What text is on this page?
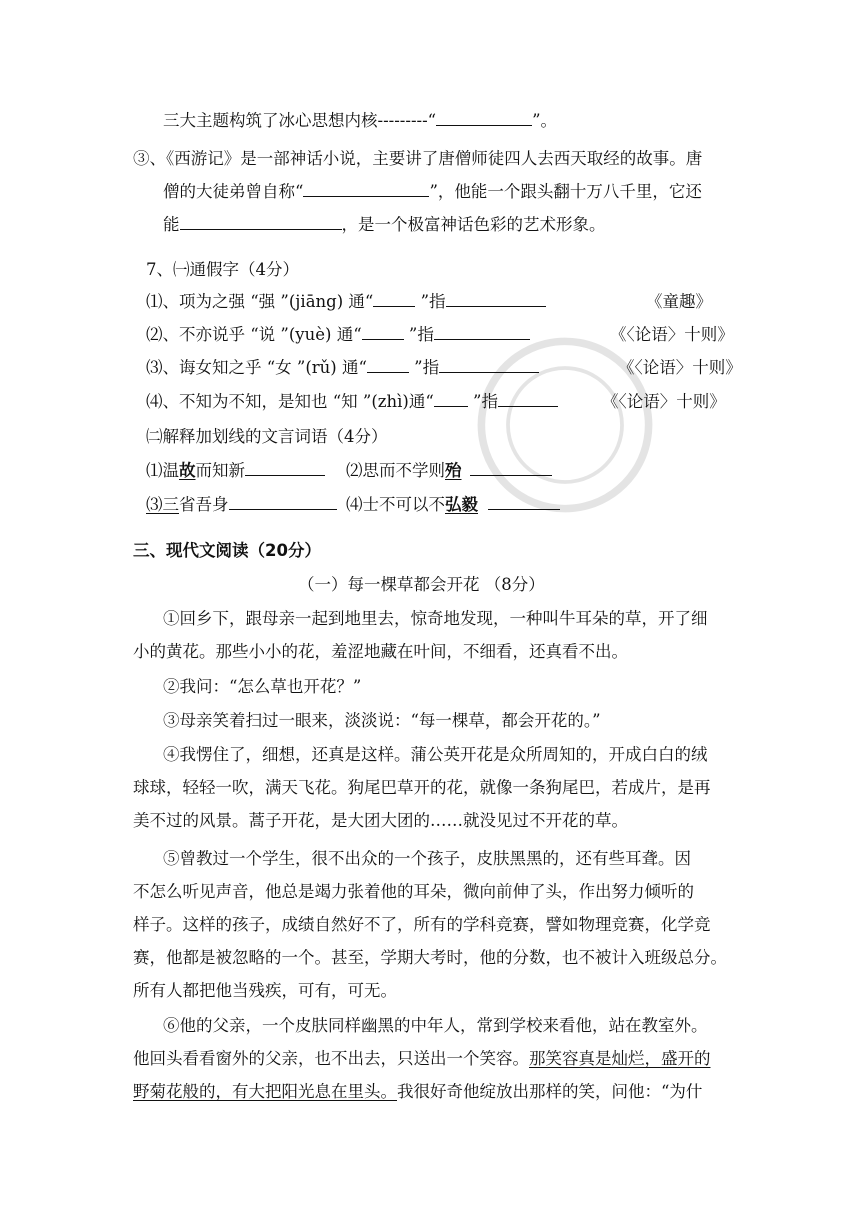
三大主题构筑了冰心思想内核---------“	”。
③、《西游记》是一部神话小说，主要讲了唐僧师徒四人去西天取经的故事。唐
僧的大徒弟曾自称“	”，他能一个跟头翻十万八千里，它还
能	，是一个极富神话色彩的艺术形象。
7、㈠通假字（4分）
⑴、项为之强 “强 ”(jiāng) 通“	”指	《童趣》
⑵、不亦说乎 “说 ”(yuè) 通“	”指	《〈论语〉十则》
⑶、诲女知之乎 “女 ”(rǔ) 通“	”指	《〈论语〉十则》
⑷、不知为不知，是知也 “知 ”(zhì)通“ ”指	《〈论语〉十则》
㈡解释加划线的文言词语（4分）
⑴温故而知新	⑵思而不学则殆
⑶三省吾身	⑷士不可以不弘毅
三、现代文阅读（20分）
（一）每一棵草都会开花 （8分）
①回乡下，跟母亲一起到地里去，惊奇地发现，一种叫牛耳朵的草，开了细
小的黄花。那些小小的花，羞涩地藏在叶间，不细看，还真看不出。
②我问：“怎么草也开花？”
③母亲笑着扫过一眼来，淡淡说：“每一棵草，都会开花的。”
④我愣住了，细想，还真是这样。蒲公英开花是众所周知的，开成白白的绒
球球，轻轻一吹，满天飞花。狗尾巴草开的花，就像一条狗尾巴，若成片，是再
美不过的风景。蒿子开花，是大团大团的……就没见过不开花的草。
⑤曾教过一个学生，很不出众的一个孩子，皮肤黑黑的，还有些耳聋。因
不怎么听见声音，他总是竭力张着他的耳朵，微向前伸了头，作出努力倾听的
样子。这样的孩子，成绩自然好不了，所有的学科竞赛，譬如物理竞赛，化学竞
赛，他都是被忽略的一个。甚至，学期大考时，他的分数，也不被计入班级总分。
所有人都把他当残疾，可有，可无。
⑥他的父亲，一个皮肤同样幽黑的中年人，常到学校来看他，站在教室外。
他回头看看窗外的父亲，也不出去，只送出一个笑容。那笑容真是灿烂，盛开的
野菊花般的，有大把阳光息在里头。我很好奇他绽放出那样的笑，问他：“为什
